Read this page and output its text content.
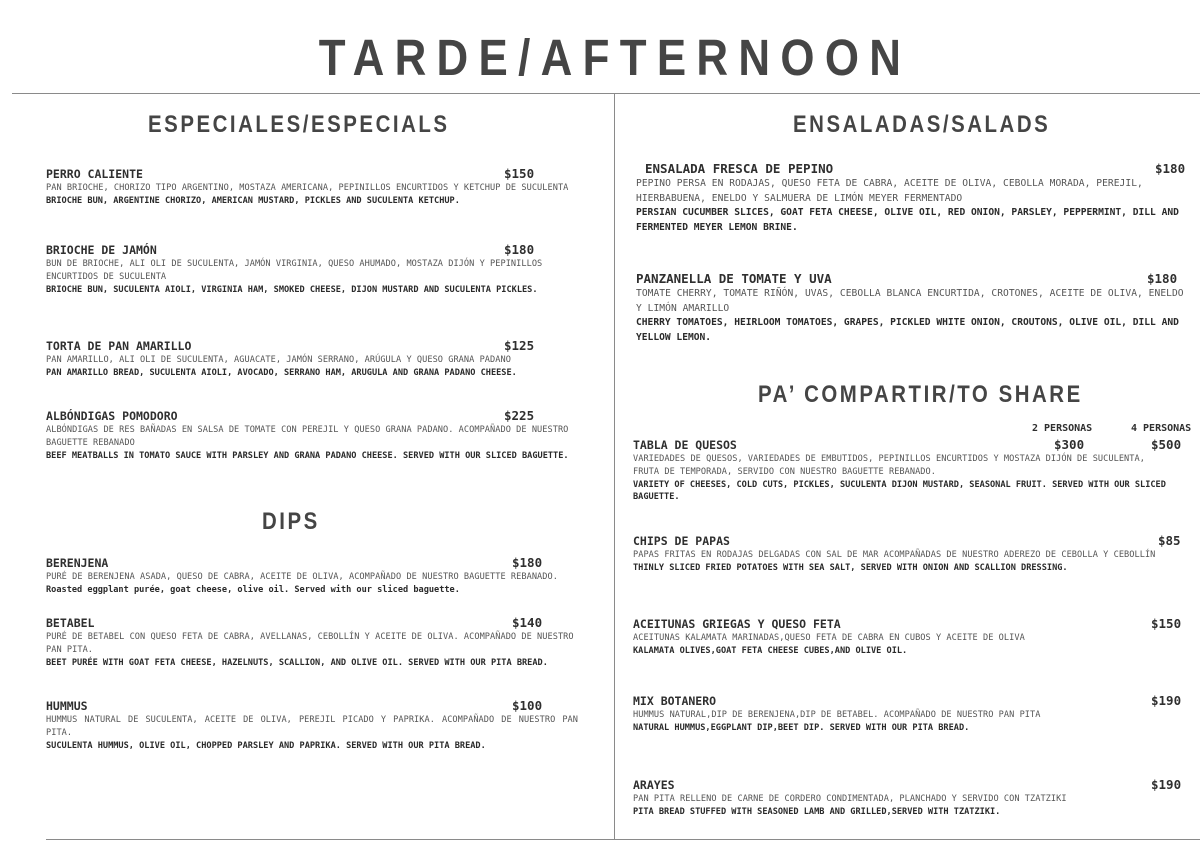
TARDE/AFTERNOON
ESPECIALES/ESPECIALS
PERRO CALIENTE	$150
PAN BRIOCHE, CHORIZO TIPO ARGENTINO, MOSTAZA AMERICANA, PEPINILLOS ENCURTIDOS Y KETCHUP DE SUCULENTA
BRIOCHE BUN, ARGENTINE CHORIZO, AMERICAN MUSTARD, PICKLES AND SUCULENTA KETCHUP.
BRIOCHE DE JAMÓN	$180
BUN DE BRIOCHE, ALI OLI DE SUCULENTA, JAMÓN VIRGINIA, QUESO AHUMADO, MOSTAZA DIJÓN Y PEPINILLOS ENCURTIDOS DE SUCULENTA
BRIOCHE BUN, SUCULENTA AIOLI, VIRGINIA HAM, SMOKED CHEESE, DIJON MUSTARD AND SUCULENTA PICKLES.
TORTA DE PAN AMARILLO	$125
PAN AMARILLO, ALI OLI DE SUCULENTA, AGUACATE, JAMÓN SERRANO, ARÚGULA Y QUESO GRANA PADANO
PAN AMARILLO BREAD, SUCULENTA AIOLI, AVOCADO, SERRANO HAM, ARUGULA AND GRANA PADANO CHEESE.
ALBÓNDIGAS POMODORO	$225
ALBÓNDIGAS DE RES BAÑADAS EN SALSA DE TOMATE CON PEREJIL Y QUESO GRANA PADANO. ACOMPAÑADO DE NUESTRO BAGUETTE REBANADO
BEEF MEATBALLS IN TOMATO SAUCE WITH PARSLEY AND GRANA PADANO CHEESE. SERVED WITH OUR SLICED BAGUETTE.
DIPS
BERENJENA	$180
PURÉ DE BERENJENA ASADA, QUESO DE CABRA, ACEITE DE OLIVA, ACOMPAÑADO DE NUESTRO BAGUETTE REBANADO.
Roasted eggplant purée, goat cheese, olive oil. Served with our sliced baguette.
BETABEL	$140
PURÉ DE BETABEL CON QUESO FETA DE CABRA, AVELLANAS, CEBOLLÍN Y ACEITE DE OLIVA. ACOMPAÑADO DE NUESTRO PAN PITA.
BEET PURÉE WITH GOAT FETA CHEESE, HAZELNUTS, SCALLION, AND OLIVE OIL. SERVED WITH OUR PITA BREAD.
HUMMUS	$100
HUMMUS NATURAL DE SUCULENTA, ACEITE DE OLIVA, PEREJIL PICADO Y PAPRIKA. ACOMPAÑADO DE NUESTRO PAN PITA.
SUCULENTA HUMMUS, OLIVE OIL, CHOPPED PARSLEY AND PAPRIKA. SERVED WITH OUR PITA BREAD.
ENSALADAS/SALADS
ENSALADA FRESCA DE PEPINO	$180
PEPINO PERSA EN RODAJAS, QUESO FETA DE CABRA, ACEITE DE OLIVA, CEBOLLA MORADA, PEREJIL, HIERBABUENA, ENELDO Y SALMUERA DE LIMÓN MEYER FERMENTADO
PERSIAN CUCUMBER SLICES, GOAT FETA CHEESE, OLIVE OIL, RED ONION, PARSLEY, PEPPERMINT, DILL AND FERMENTED MEYER LEMON BRINE.
PANZANELLA DE TOMATE Y UVA	$180
TOMATE CHERRY, TOMATE RIÑÓN, UVAS, CEBOLLA BLANCA ENCURTIDA, CROTONES, ACEITE DE OLIVA, ENELDO Y LIMÓN AMARILLO
CHERRY TOMATOES, HEIRLOOM TOMATOES, GRAPES, PICKLED WHITE ONION, CROUTONS, OLIVE OIL, DILL AND YELLOW LEMON.
PA’ COMPARTIR/TO SHARE
2 PERSONAS	4 PERSONAS
TABLA DE QUESOS	$300	$500
VARIEDADES DE QUESOS, VARIEDADES DE EMBUTIDOS, PEPINILLOS ENCURTIDOS Y MOSTAZA DIJÓN DE SUCULENTA, FRUTA DE TEMPORADA, SERVIDO CON NUESTRO BAGUETTE REBANADO.
VARIETY OF CHEESES, COLD CUTS, PICKLES, SUCULENTA DIJON MUSTARD, SEASONAL FRUIT. SERVED WITH OUR SLICED BAGUETTE.
CHIPS DE PAPAS	$85
PAPAS FRITAS EN RODAJAS DELGADAS CON SAL DE MAR ACOMPAÑADAS DE NUESTRO ADEREZO DE CEBOLLA Y CEBOLLÍN
THINLY SLICED FRIED POTATOES WITH SEA SALT, SERVED WITH ONION AND SCALLION DRESSING.
ACEITUNAS GRIEGAS Y QUESO FETA	$150
ACEITUNAS KALAMATA MARINADAS,QUESO FETA DE CABRA EN CUBOS Y ACEITE DE OLIVA
KALAMATA OLIVES,GOAT FETA CHEESE CUBES,AND OLIVE OIL.
MIX BOTANERO	$190
HUMMUS NATURAL,DIP DE BERENJENA,DIP DE BETABEL. ACOMPAÑADO DE NUESTRO PAN PITA
NATURAL HUMMUS,EGGPLANT DIP,BEET DIP. SERVED WITH OUR PITA BREAD.
ARAYES	$190
PAN PITA RELLENO DE CARNE DE CORDERO CONDIMENTADA, PLANCHADO Y SERVIDO CON TZATZIKI
PITA BREAD STUFFED WITH SEASONED LAMB AND GRILLED,SERVED WITH TZATZIKI.
